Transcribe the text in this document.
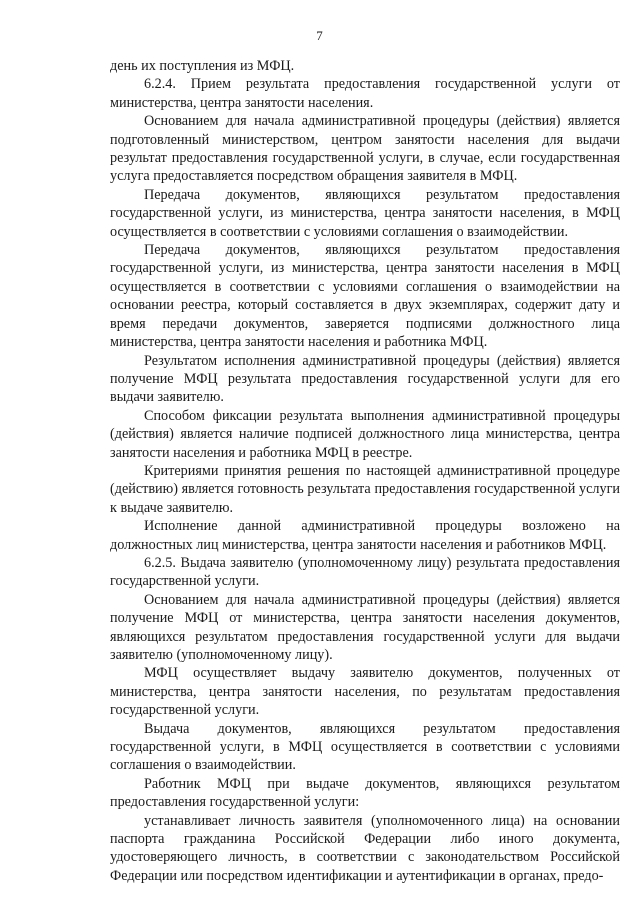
7

день их поступления из МФЦ.

6.2.4. Прием результата предоставления государственной услуги от министерства, центра занятости населения.

Основанием для начала административной процедуры (действия) является подготовленный министерством, центром занятости населения для выдачи результат предоставления государственной услуги, в случае, если государственная услуга предоставляется посредством обращения заявителя в МФЦ.

Передача документов, являющихся результатом предоставления государственной услуги, из министерства, центра занятости населения, в МФЦ осуществляется в соответствии с условиями соглашения о взаимодействии.

Передача документов, являющихся результатом предоставления государственной услуги, из министерства, центра занятости населения в МФЦ осуществляется в соответствии с условиями соглашения о взаимодействии на основании реестра, который составляется в двух экземплярах, содержит дату и время передачи документов, заверяется подписями должностного лица министерства, центра занятости населения и работника МФЦ.

Результатом исполнения административной процедуры (действия) является получение МФЦ результата предоставления государственной услуги для его выдачи заявителю.

Способом фиксации результата выполнения административной процедуры (действия) является наличие подписей должностного лица министерства, центра занятости населения и работника МФЦ в реестре.

Критериями принятия решения по настоящей административной процедуре (действию) является готовность результата предоставления государственной услуги к выдаче заявителю.

Исполнение данной административной процедуры возложено на должностных лиц министерства, центра занятости населения и работников МФЦ.

6.2.5. Выдача заявителю (уполномоченному лицу) результата предоставления государственной услуги.

Основанием для начала административной процедуры (действия) является получение МФЦ от министерства, центра занятости населения документов, являющихся результатом предоставления государственной услуги для выдачи заявителю (уполномоченному лицу).

МФЦ осуществляет выдачу заявителю документов, полученных от министерства, центра занятости населения, по результатам предоставления государственной услуги.

Выдача документов, являющихся результатом предоставления государственной услуги, в МФЦ осуществляется в соответствии с условиями соглашения о взаимодействии.

Работник МФЦ при выдаче документов, являющихся результатом предоставления государственной услуги:

устанавливает личность заявителя (уполномоченного лица) на основании паспорта гражданина Российской Федерации либо иного документа, удостоверяющего личность, в соответствии с законодательством Российской Федерации или посредством идентификации и аутентификации в органах, предо-
